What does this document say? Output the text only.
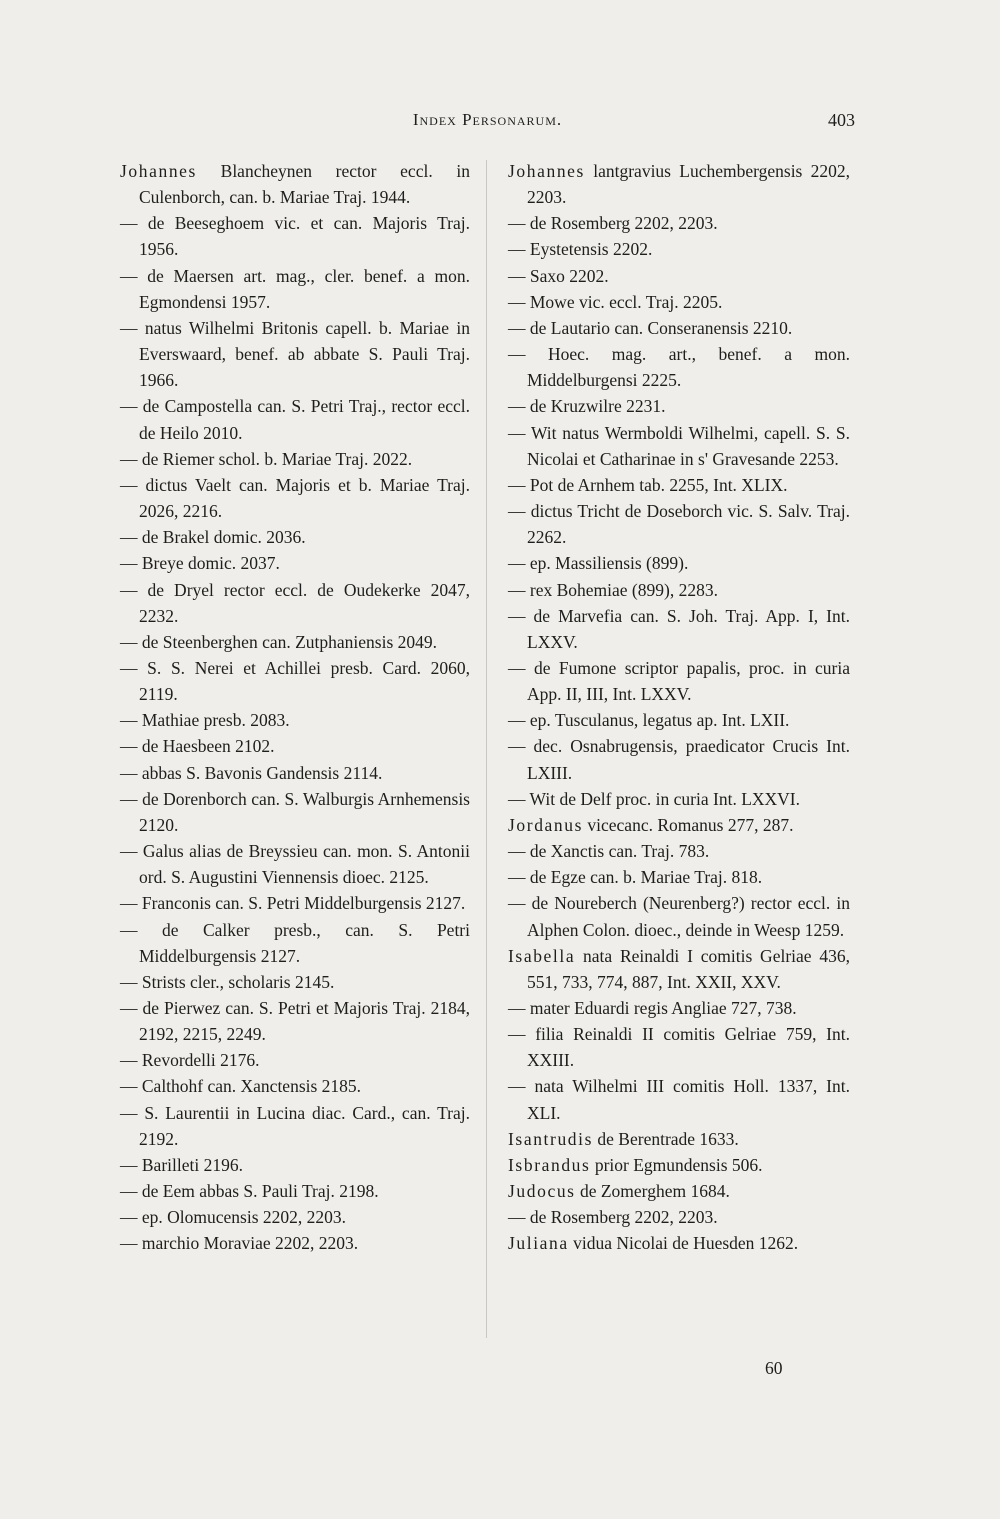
Index Personarum.	403

Johannes Blancheynen rector eccl. in Culenborch, can. b. Mariae Traj. 1944.

— de Beeseghoem vic. et can. Majoris Traj. 1956.

— de Maersen art. mag., cler. benef. a mon. Egmondensi 1957.

— natus Wilhelmi Britonis capell. b. Mariae in Everswaard, benef. ab abbate S. Pauli Traj. 1966.

— de Campostella can. S. Petri Traj., rector eccl. de Heilo 2010.

— de Riemer schol. b. Mariae Traj. 2022.

— dictus Vaelt can. Majoris et b. Mariae Traj. 2026, 2216.

— de Brakel domic. 2036.

— Breye domic. 2037.

— de Dryel rector eccl. de Oudekerke 2047, 2232.

— de Steenberghen can. Zutphaniensis 2049.

— S. S. Nerei et Achillei presb. Card. 2060, 2119.

— Mathiae presb. 2083.

— de Haesbeen 2102.

— abbas S. Bavonis Gandensis 2114.

— de Dorenborch can. S. Walburgis Arnhemensis 2120.

— Galus alias de Breyssieu can. mon. S. Antonii ord. S. Augustini Viennensis dioec. 2125.

— Franconis can. S. Petri Middelburgensis 2127.

— de Calker presb., can. S. Petri Middelburgensis 2127.

— Strists cler., scholaris 2145.

— de Pierwez can. S. Petri et Majoris Traj. 2184, 2192, 2215, 2249.

— Revordelli 2176.

— Calthohf can. Xanctensis 2185.

— S. Laurentii in Lucina diac. Card., can. Traj. 2192.

— Barilleti 2196.

— de Eem abbas S. Pauli Traj. 2198.

— ep. Olomucensis 2202, 2203.

— marchio Moraviae 2202, 2203.

Johannes lantgravius Luchembergensis 2202, 2203.

— de Rosemberg 2202, 2203.

— Eystetensis 2202.

— Saxo 2202.

— Mowe vic. eccl. Traj. 2205.

— de Lautario can. Conseranensis 2210.

— Hoec. mag. art., benef. a mon. Middelburgensi 2225.

— de Kruzwilre 2231.

— Wit natus Wermboldi Wilhelmi, capell. S. S. Nicolai et Catharinae in s' Gravesande 2253.

— Pot de Arnhem tab. 2255, Int. XLIX.

— dictus Tricht de Doseborch vic. S. Salv. Traj. 2262.

— ep. Massiliensis (899).

— rex Bohemiae (899), 2283.

— de Marvefia can. S. Joh. Traj. App. I, Int. LXXV.

— de Fumone scriptor papalis, proc. in curia App. II, III, Int. LXXV.

— ep. Tusculanus, legatus ap. Int. LXII.

— dec. Osnabrugensis, praedicator Crucis Int. LXIII.

— Wit de Delf proc. in curia Int. LXXVI.

Jordanus vicecanc. Romanus 277, 287.

— de Xanctis can. Traj. 783.

— de Egze can. b. Mariae Traj. 818.

— de Noureberch (Neurenberg?) rector eccl. in Alphen Colon. dioec., deinde in Weesp 1259.

Isabella nata Reinaldi I comitis Gelriae 436, 551, 733, 774, 887, Int. XXII, XXV.

— mater Eduardi regis Angliae 727, 738.

— filia Reinaldi II comitis Gelriae 759, Int. XXIII.

— nata Wilhelmi III comitis Holl. 1337, Int. XLI.

Isantrudis de Berentrade 1633.

Isbrandus prior Egmundensis 506.

Judocus de Zomerghem 1684.

— de Rosemberg 2202, 2203.

Juliana vidua Nicolai de Huesden 1262.

60
